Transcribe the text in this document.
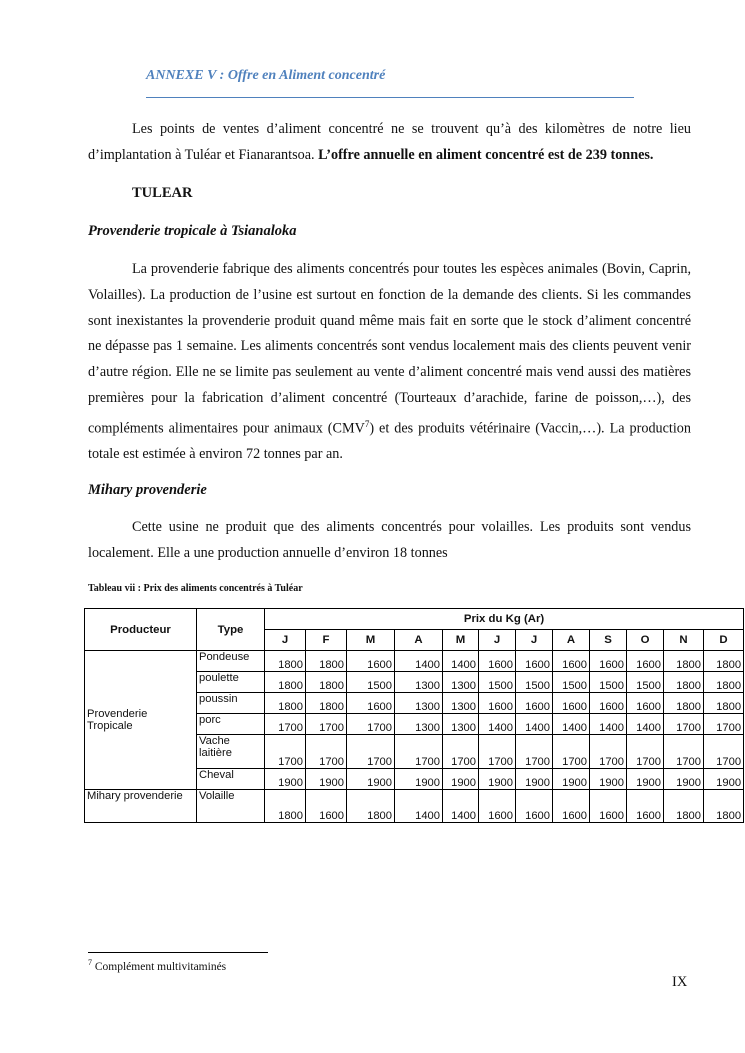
ANNEXE V : Offre en Aliment concentré

Les points de ventes d’aliment concentré ne se trouvent qu’à des kilomètres de notre lieu d’implantation à Tuléar et Fianarantsoa. L’offre annuelle en aliment concentré est de 239 tonnes.

TULEAR
Provenderie tropicale à Tsianaloka

La provenderie fabrique des aliments concentrés pour toutes les espèces animales (Bovin, Caprin, Volailles). La production de l’usine est surtout en fonction de la demande des clients. Si les commandes sont inexistantes la provenderie produit quand même mais fait en sorte que le stock d’aliment concentré ne dépasse pas 1 semaine. Les aliments concentrés sont vendus localement mais des clients peuvent venir d’autre région. Elle ne se limite pas seulement au vente d’aliment concentré mais vend aussi des matières premières pour la fabrication d’aliment concentré (Tourteaux d’arachide, farine de poisson,…), des compléments alimentaires pour animaux (CMV$^7$) et des produits vétérinaire (Vaccin,…). La production totale est estimée à environ 72 tonnes par an.

Mihary provenderie

Cette usine ne produit que des aliments concentrés pour volailles. Les produits sont vendus localement. Elle a une production annuelle d’environ 18 tonnes

Tableau vii : Prix des aliments concentrés à Tuléar
Producteur	Type	Prix du Kg (Ar)											
		J	F	M	A	M	J	J	A	S	O	N	D
Provenderie Tropicale	Pondeuse	1800	1800	1600	1400	1400	1600	1600	1600	1600	1600	1800	1800
	poulette	1800	1800	1500	1300	1300	1500	1500	1500	1500	1500	1800	1800
	poussin	1800	1800	1600	1300	1300	1600	1600	1600	1600	1600	1800	1800
	porc	1700	1700	1700	1300	1300	1400	1400	1400	1400	1400	1700	1700
	Vache laitière	1700	1700	1700	1700	1700	1700	1700	1700	1700	1700	1700	1700
	Cheval	1900	1900	1900	1900	1900	1900	1900	1900	1900	1900	1900	1900
Mihary provenderie	Volaille	1800	1600	1800	1400	1400	1600	1600	1600	1600	1600	1800	1800
$^7$ Complément multivitaminés
IX
